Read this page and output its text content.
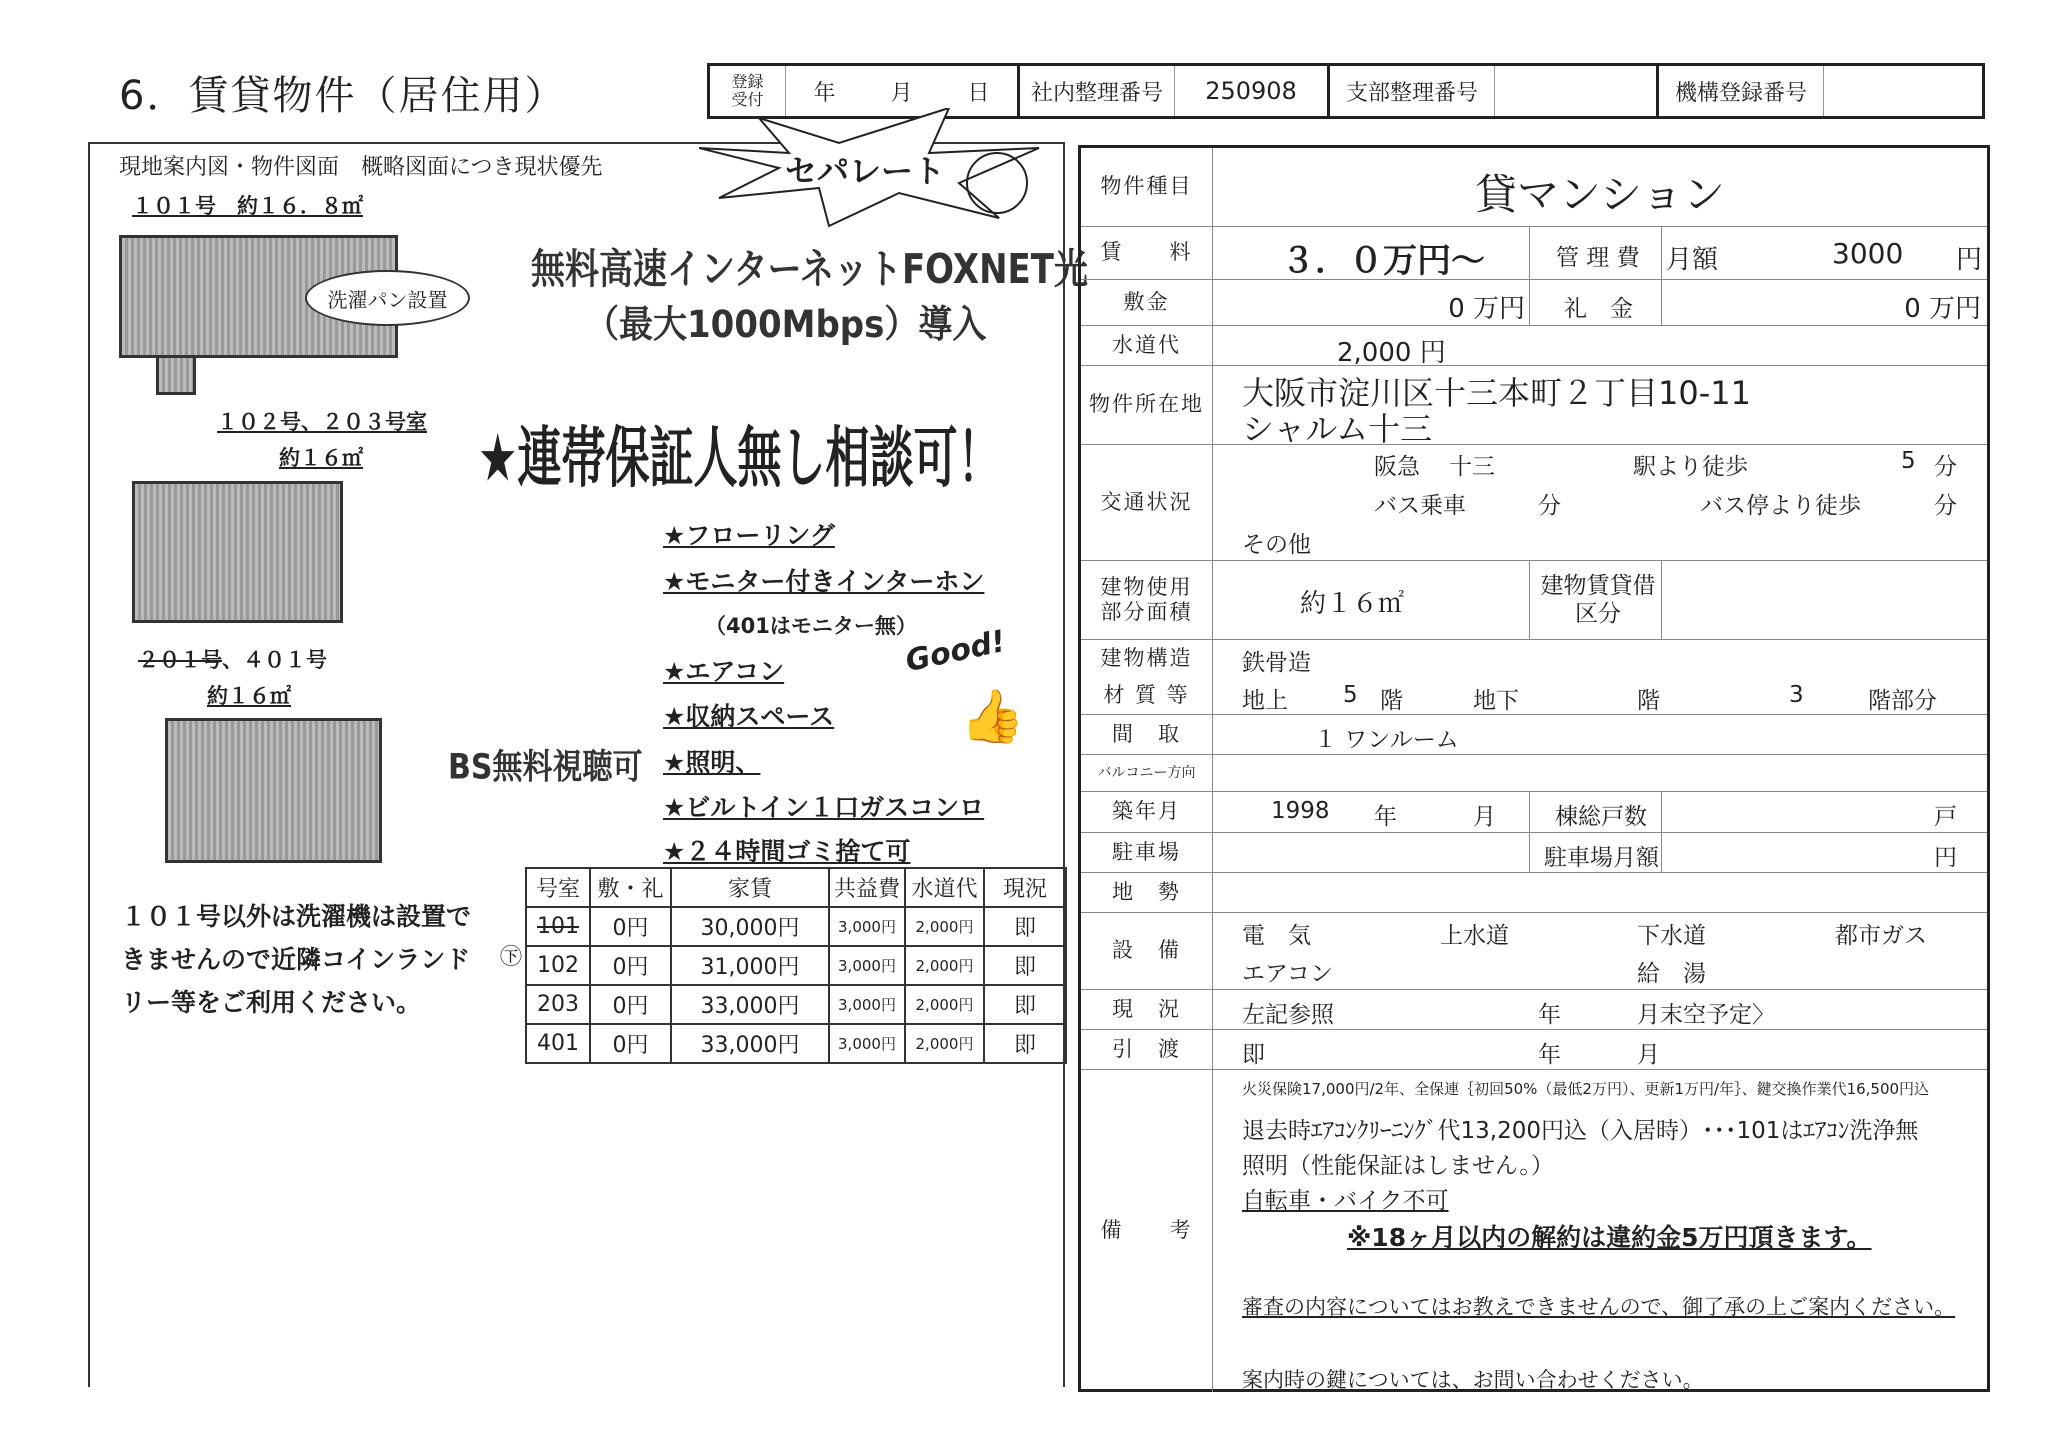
6．賃貸物件（居住用）	登録受付	年 月 日	社内整理番号	250908	支部整理番号	機構登録番号
現地案内図・物件図面　概略図面につき現状優先
１０１号　約１６．８㎡
洗濯パン設置
セパレート
無料高速インターネットFOXNET光
（最大1000Mbps）導入
１０２号、２０３号室
約１６㎡	★連帯保証人無し相談可！
２０１号、４０１号
約１６㎡
BS無料視聴可
★フローリング
★モニター付きインターホン
（401はモニター無）
★エアコン
★収納スペース
★照明、
★ビルトイン１口ガスコンロ
★２４時間ゴミ捨て可
Good!
👍
１０１号以外は洗濯機は設置で
きませんので近隣コインランド
リー等をご利用ください。
㊦
号室	敷・礼	家賃	共益費	水道代	現況
101	0円	30,000円	3,000円	2,000円	即
102	0円	31,000円	3,000円	2,000円	即
203	0円	33,000円	3,000円	2,000円	即
401	0円	33,000円	3,000円	2,000円	即
物件種目	貸マンション
賃　　料	３．０万円～	管 理 費 月額	3000 円
敷金	0 万円 礼　金	0 万円
水道代	2,000 円
物件所在地 大阪市淀川区十三本町２丁目10-11
シャルム十三
交通状況
阪急 十三	駅より徒歩	5 分
バス乗車	分	バス停より徒歩	分
その他
建物使用部分面積	約１６㎡
建物賃貸借区分
建物構造
材 質 等
鉄骨造
地上 5 階	地下	階	3	階部分
間　取	１ ワンルーム
バルコニー方向
築年月	1998 年	月	棟総戸数	戸
駐車場	駐車場月額	円
地　勢
設　備
電　気	上水道	下水道	都市ガス
エアコン	給　湯
現　況	左記参照	年	月末空予定〉
引　渡	即	年	月
備　　考
火災保険17,000円/2年、全保連｛初回50%（最低2万円）、更新1万円/年｝、鍵交換作業代16,500円込
退去時ｴｱｺﾝｸﾘｰﾆﾝｸﾞ代13,200円込（入居時）･･･101はｴｱｺﾝ洗浄無
照明（性能保証はしません。）
自転車・バイク不可
※18ヶ月以内の解約は違約金5万円頂きます。
審査の内容についてはお教えできませんので、御了承の上ご案内ください。
案内時の鍵については、お問い合わせください。
